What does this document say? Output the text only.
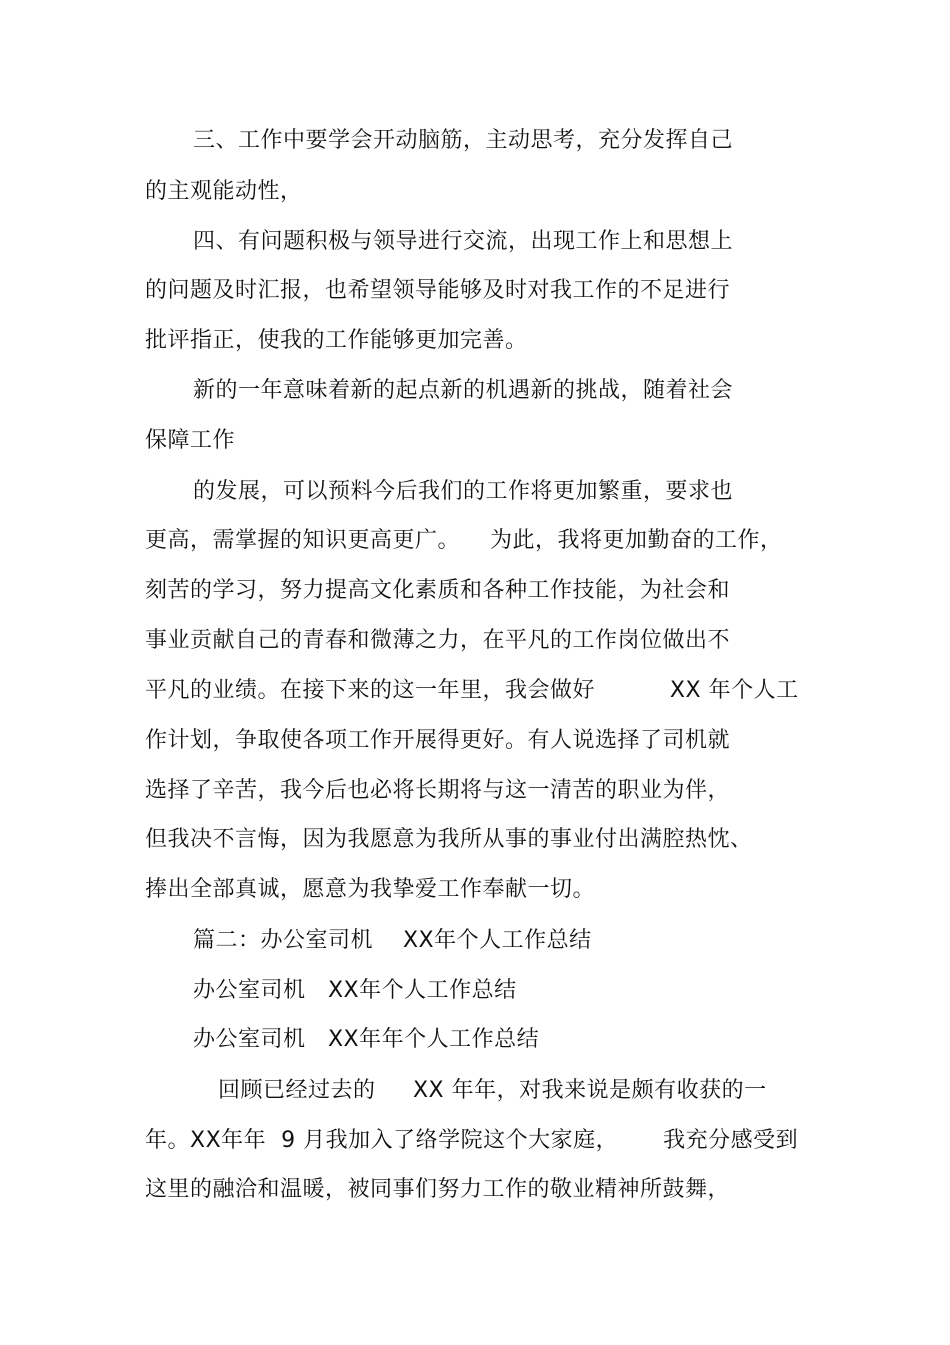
三、工作中要学会开动脑筋，主动思考，充分发挥自己
的主观能动性，
四、有问题积极与领导进行交流，出现工作上和思想上
的问题及时汇报，也希望领导能够及时对我工作的不足进行
批评指正，使我的工作能够更加完善。
新的一年意味着新的起点新的机遇新的挑战，随着社会
保障工作
的发展，可以预料今后我们的工作将更加繁重，要求也
更高，需掌握的知识更高更广。    为此，我将更加勤奋的工作，
刻苦的学习，努力提高文化素质和各种工作技能，为社会和
事业贡献自己的青春和微薄之力，在平凡的工作岗位做出不
平凡的业绩。在接下来的这一年里，我会做好          XX 年个人工
作计划，争取使各项工作开展得更好。有人说选择了司机就
选择了辛苦，我今后也必将长期将与这一清苦的职业为伴，
但我决不言悔，因为我愿意为我所从事的事业付出满腔热忱、
捧出全部真诚，愿意为我挚爱工作奉献一切。
篇二：办公室司机    XX年个人工作总结
办公室司机   XX年个人工作总结
办公室司机   XX年年个人工作总结
回顾已经过去的     XX 年年，对我来说是颇有收获的一
年。XX年年  9 月我加入了络学院这个大家庭，      我充分感受到
这里的融洽和温暖，被同事们努力工作的敬业精神所鼓舞，
